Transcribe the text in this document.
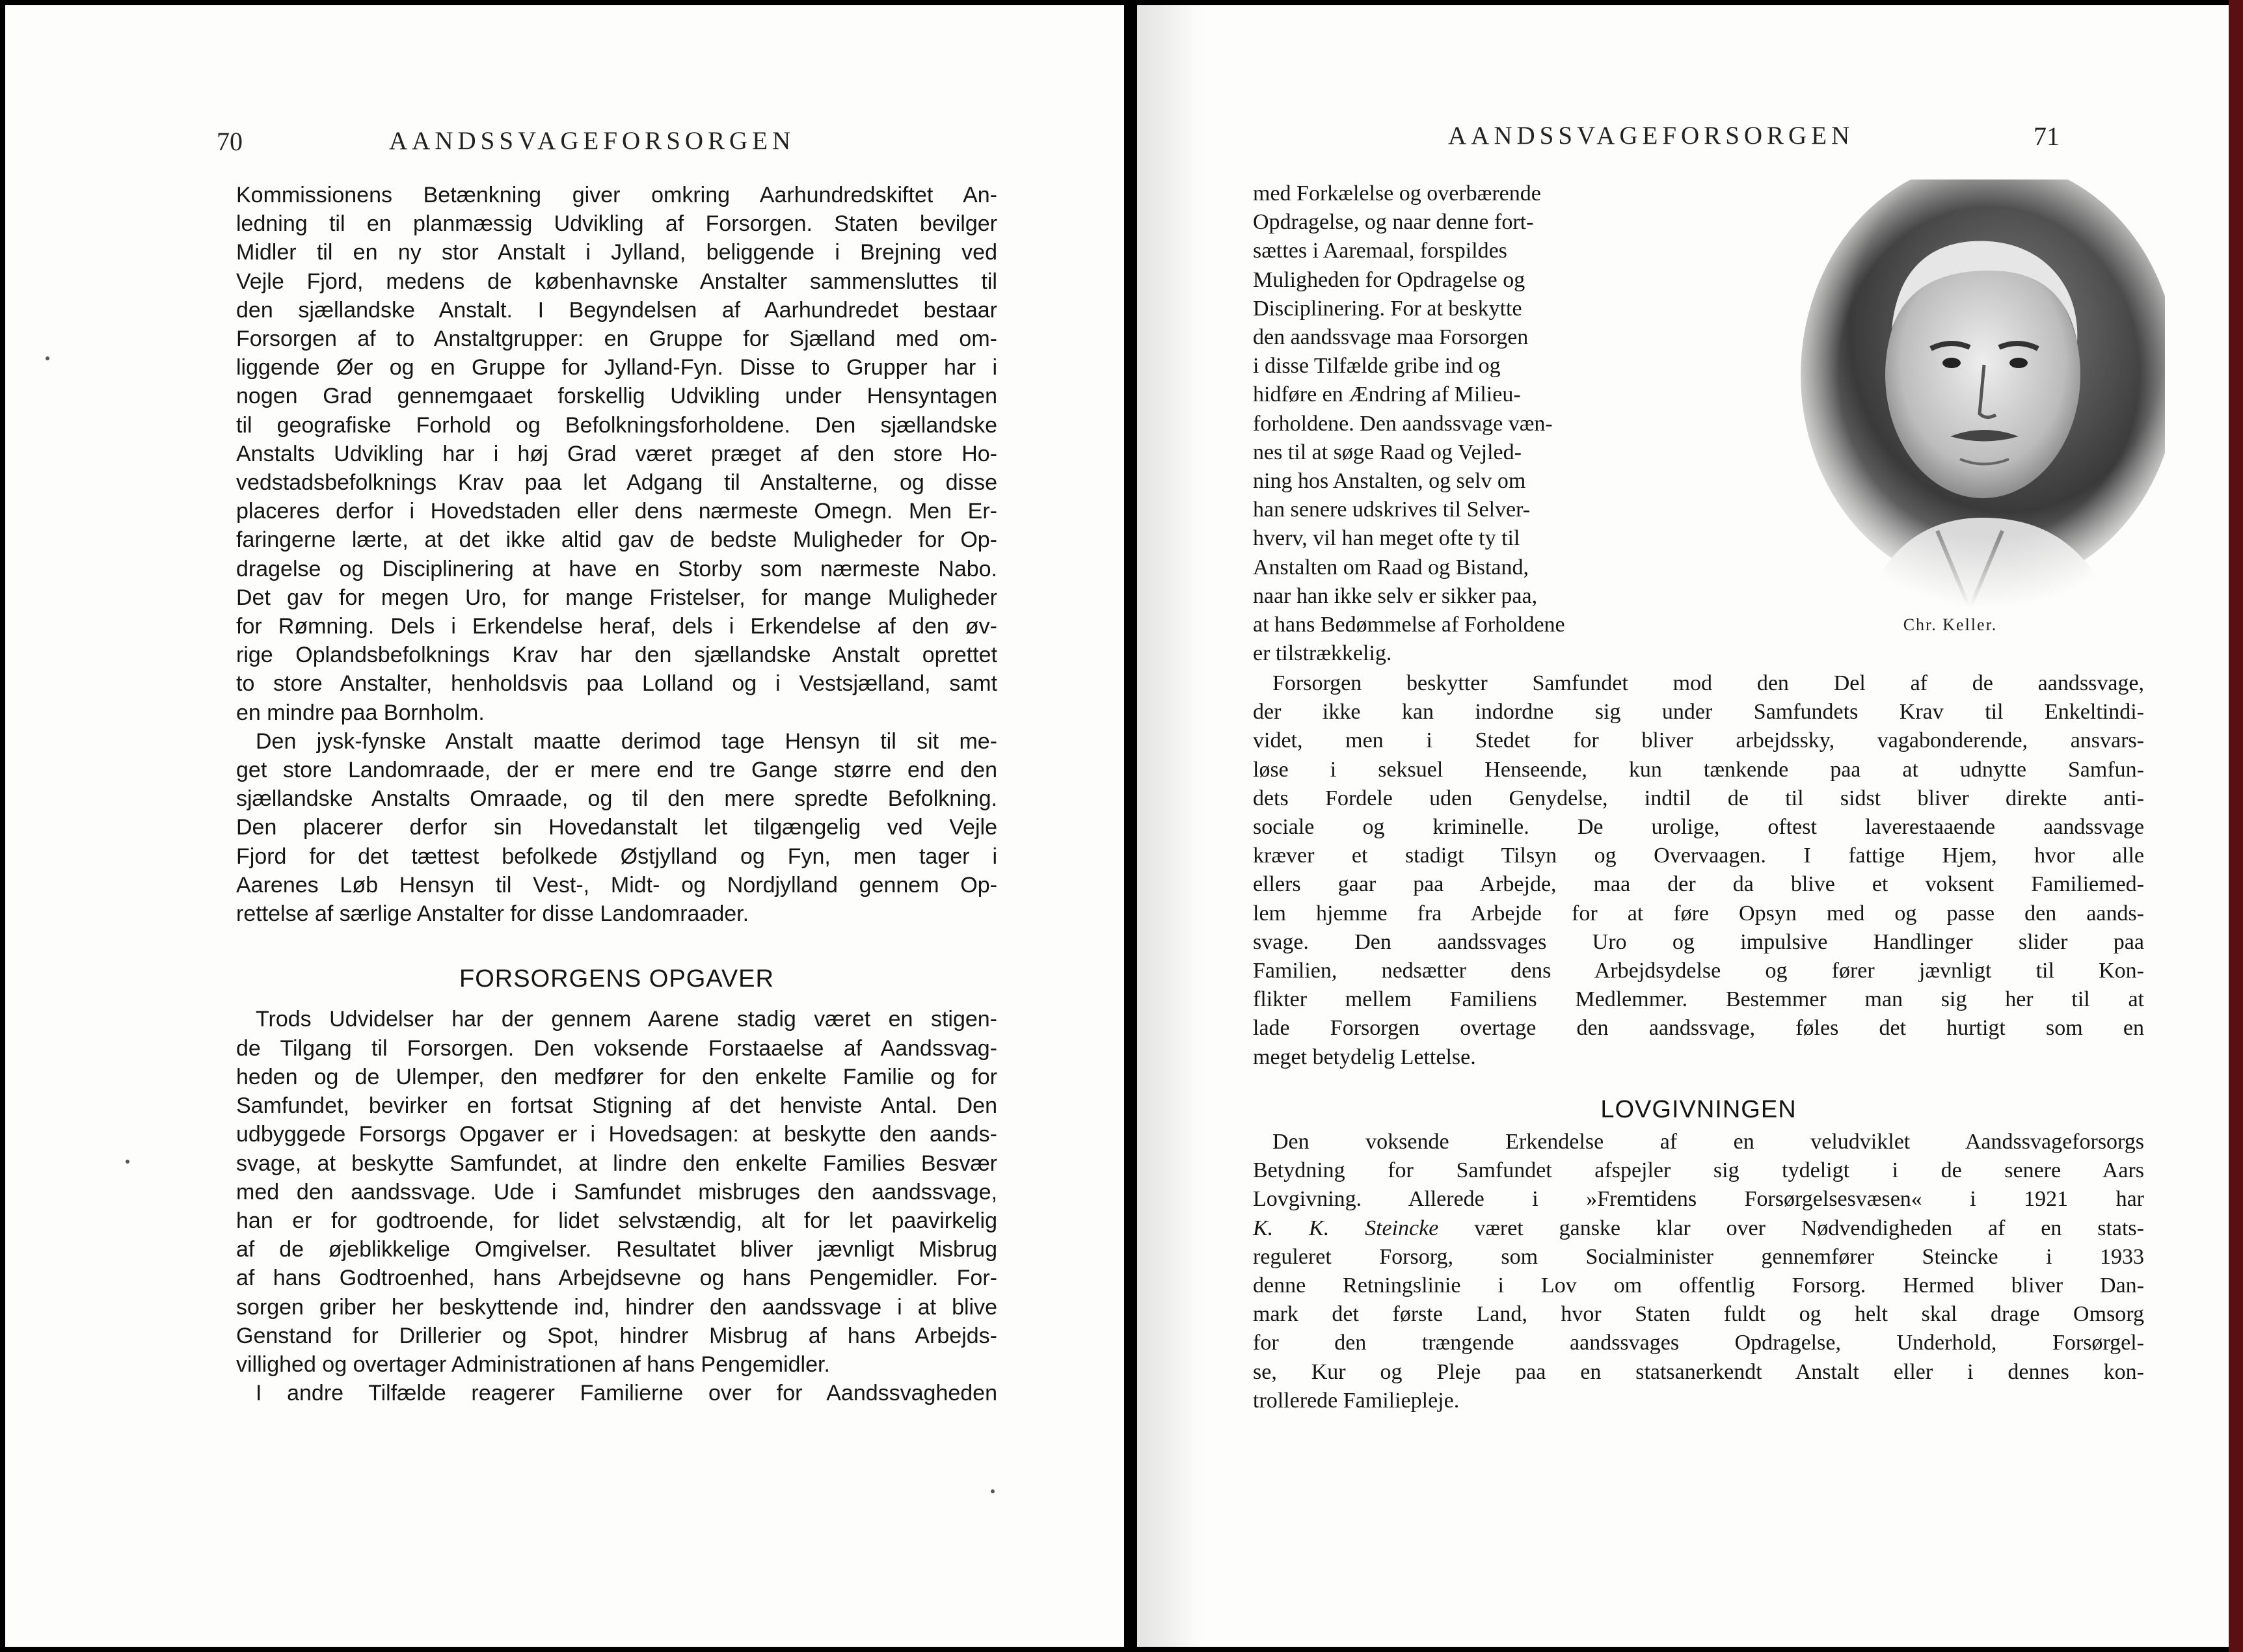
70	AANDSSVAGEFORSORGEN
Kommissionens Betænkning giver omkring Aarhundredskiftet An-
ledning til en planmæssig Udvikling af Forsorgen. Staten bevilger
Midler til en ny stor Anstalt i Jylland, beliggende i Brejning ved
Vejle Fjord, medens de københavnske Anstalter sammensluttes til
den sjællandske Anstalt. I Begyndelsen af Aarhundredet bestaar
Forsorgen af to Anstaltgrupper: en Gruppe for Sjælland med om-
liggende Øer og en Gruppe for Jylland-Fyn. Disse to Grupper har i
nogen Grad gennemgaaet forskellig Udvikling under Hensyntagen
til geografiske Forhold og Befolkningsforholdene. Den sjællandske
Anstalts Udvikling har i høj Grad været præget af den store Ho-
vedstadsbefolknings Krav paa let Adgang til Anstalterne, og disse
placeres derfor i Hovedstaden eller dens nærmeste Omegn. Men Er-
faringerne lærte, at det ikke altid gav de bedste Muligheder for Op-
dragelse og Disciplinering at have en Storby som nærmeste Nabo.
Det gav for megen Uro, for mange Fristelser, for mange Muligheder
for Rømning. Dels i Erkendelse heraf, dels i Erkendelse af den øv-
rige Oplandsbefolknings Krav har den sjællandske Anstalt oprettet
to store Anstalter, henholdsvis paa Lolland og i Vestsjælland, samt
en mindre paa Bornholm.
Den jysk-fynske Anstalt maatte derimod tage Hensyn til sit me-
get store Landomraade, der er mere end tre Gange større end den
sjællandske Anstalts Omraade, og til den mere spredte Befolkning.
Den placerer derfor sin Hovedanstalt let tilgængelig ved Vejle
Fjord for det tættest befolkede Østjylland og Fyn, men tager i
Aarenes Løb Hensyn til Vest-, Midt- og Nordjylland gennem Op-
rettelse af særlige Anstalter for disse Landomraader.
FORSORGENS OPGAVER
Trods Udvidelser har der gennem Aarene stadig været en stigen-
de Tilgang til Forsorgen. Den voksende Forstaaelse af Aandssvag-
heden og de Ulemper, den medfører for den enkelte Familie og for
Samfundet, bevirker en fortsat Stigning af det henviste Antal. Den
udbyggede Forsorgs Opgaver er i Hovedsagen: at beskytte den aands-
svage, at beskytte Samfundet, at lindre den enkelte Families Besvær
med den aandssvage. Ude i Samfundet misbruges den aandssvage,
han er for godtroende, for lidet selvstændig, alt for let paavirkelig
af de øjeblikkelige Omgivelser. Resultatet bliver jævnligt Misbrug
af hans Godtroenhed, hans Arbejdsevne og hans Pengemidler. For-
sorgen griber her beskyttende ind, hindrer den aandssvage i at blive
Genstand for Drillerier og Spot, hindrer Misbrug af hans Arbejds-
villighed og overtager Administrationen af hans Pengemidler.
I andre Tilfælde reagerer Familierne over for Aandssvagheden
AANDSSVAGEFORSORGEN	71
med Forkælelse og overbærende
Opdragelse, og naar denne fort-
sættes i Aaremaal, forspildes
Muligheden for Opdragelse og
Disciplinering. For at beskytte
den aandssvage maa Forsorgen
i disse Tilfælde gribe ind og
hidføre en Ændring af Milieu-
forholdene. Den aandssvage væn-
nes til at søge Raad og Vejled-
ning hos Anstalten, og selv om
han senere udskrives til Selver-
hverv, vil han meget ofte ty til
Anstalten om Raad og Bistand,
naar han ikke selv er sikker paa,
at hans Bedømmelse af Forholdene
er tilstrækkelig.
Chr. Keller.
Forsorgen beskytter Samfundet mod den Del af de aandssvage,
der ikke kan indordne sig under Samfundets Krav til Enkeltindi-
videt, men i Stedet for bliver arbejdssky, vagabonderende, ansvars-
løse i seksuel Henseende, kun tænkende paa at udnytte Samfun-
dets Fordele uden Genydelse, indtil de til sidst bliver direkte anti-
sociale og kriminelle. De urolige, oftest laverestaaende aandssvage
kræver et stadigt Tilsyn og Overvaagen. I fattige Hjem, hvor alle
ellers gaar paa Arbejde, maa der da blive et voksent Familiemed-
lem hjemme fra Arbejde for at føre Opsyn med og passe den aands-
svage. Den aandssvages Uro og impulsive Handlinger slider paa
Familien, nedsætter dens Arbejdsydelse og fører jævnligt til Kon-
flikter mellem Familiens Medlemmer. Bestemmer man sig her til at
lade Forsorgen overtage den aandssvage, føles det hurtigt som en
meget betydelig Lettelse.
LOVGIVNINGEN
Den voksende Erkendelse af en veludviklet Aandssvageforsorgs
Betydning for Samfundet afspejler sig tydeligt i de senere Aars
Lovgivning. Allerede i »Fremtidens Forsørgelsesvæsen« i 1921 har
K. K. Steincke været ganske klar over Nødvendigheden af en stats-
reguleret Forsorg, som Socialminister gennemfører Steincke i 1933
denne Retningslinie i Lov om offentlig Forsorg. Hermed bliver Dan-
mark det første Land, hvor Staten fuldt og helt skal drage Omsorg
for den trængende aandssvages Opdragelse, Underhold, Forsørgel-
se, Kur og Pleje paa en statsanerkendt Anstalt eller i dennes kon-
trollerede Familiepleje.
